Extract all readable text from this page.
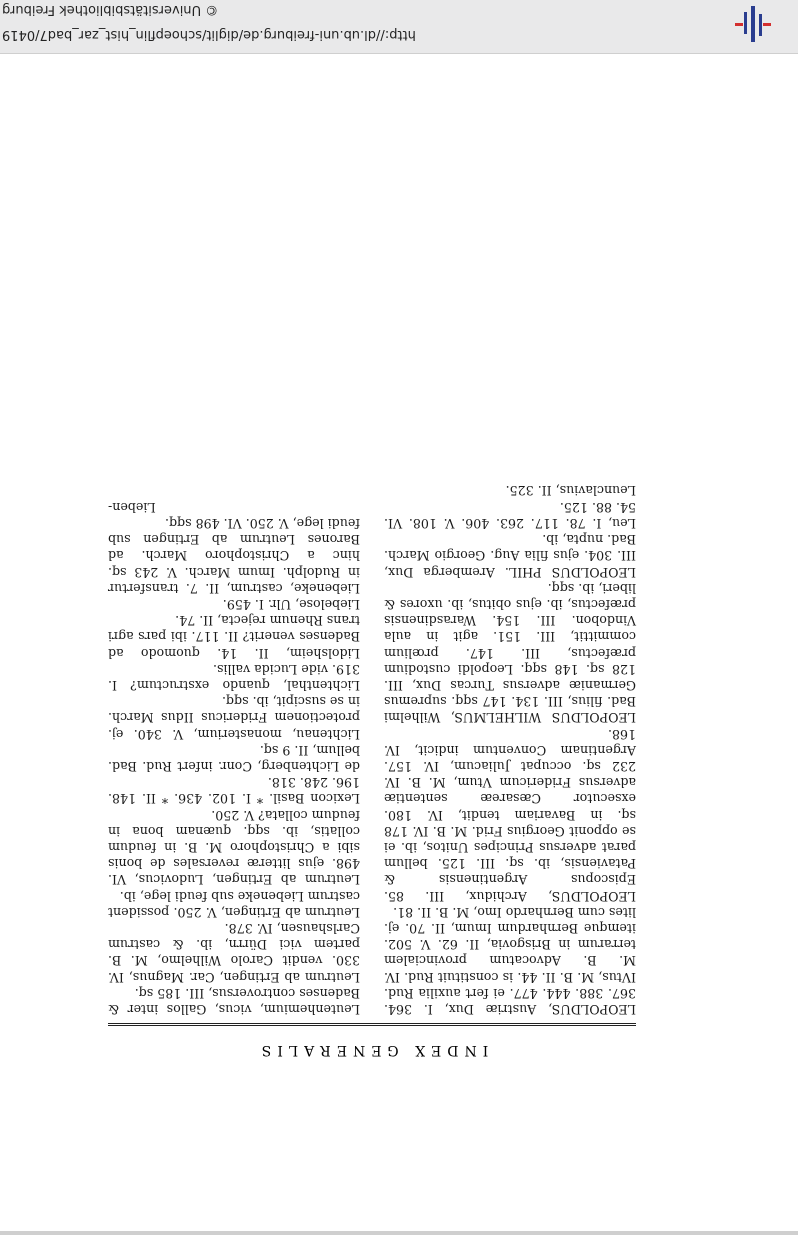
© Universitätsbibliothek Freiburg
http://dl.ub.uni-freiburg.de/diglit/schoepflin_hist_zar_bad7/0419
INDEX GENERALIS

LEOPOLDUS, Austriæ Dux, I. 364. 367. 388. 444. 477. ei fert auxilia Rud. IVtus, M. B. II. 44. is constituit Rud. IV. M. B. Advocatum provincialem terrarum in Brisgovia, II. 62. V. 502. itemque Bernhardum Imum, II. 70. ej. lites cum Bernhardo Imo, M. B. II. 81.

LEOPOLDUS, Archidux, III. 85. Episcopus Argentinensis & Pataviensis, ib. sq. III. 125. bellum parat adversus Principes Unitos, ib. ei se opponit Georgius Frid. M. B. IV. 178 sq. in Bavariam tendit, IV. 180. exsecutor Cæsareæ sententiæ adversus Fridericum Vtum, M. B. IV. 232 sq. occupat Juliacum, IV. 157. Argentinam Conventum indicit, IV. 168.

LEOPOLDUS WILHELMUS, Wilhelmi Bad. filius, III. 134. 147 sqq. supremus Germaniæ adversus Turcas Dux, III. 128 sq. 148 sqq. Leopoldi custodium præfectus, III. 147. prœlium committit, III. 151. agit in aula Vindobon. III. 154. Warasdinensis præfectus, ib. ejus obitus, ib. uxores & liberi, ib. sqq.

LEOPOLDUS PHIL. Aremberga Dux, III. 304. ejus filia Aug. Georgio March. Bad. nupta, ib.

Leu, I. 78. 117. 263. 406. V. 108. VI. 54. 88. 125.

Leunclavius, II. 325.

Leutenhemium, vicus, Gallos inter & Badenses controversus, III. 185 sq.

Leutrum ab Ertingen, Car. Magnus, IV. 330. vendit Carolo Wilhelmo, M. B. partem vici Dürrn, ib. & castrum Carlshausen, IV. 378.

Leutrum ab Ertingen, V. 250. possident castrum Liebeneke sub feudi lege, ib.

Leutrum ab Ertingen, Ludovicus, VI. 498. ejus litteræ reversales de bonis sibi a Christophoro M. B. in feudum collatis, ib. sqq. quænam bona in feudum collata? V. 250.

Lexicon Basil. * I. 102. 436. * II. 148. 196. 248. 318.

de Lichtenberg, Conr. infert Rud. Bad. bellum, II. 9 sq.

Lichtenau, monasterium, V. 340. ej. protectionem Fridericus IIdus March. in se suscipit, ib. sqq.

Lichtenthal, quando exstructum? I. 319. vide Lucida vallis.

Lidolsheim, II. 14. quomodo ad Badenses venerit? II. 117. ibi pars agri trans Rhenum rejecta, II. 74.

Liebelose, Ulr. I. 459.

Liebeneke, castrum, II. 7. transfertur in Rudolph. Imum March. V. 243 sq. hinc a Christophoro March. ad Barones Leutrum ab Ertingen sub feudi lege, V. 250. VI. 498 sqq.

Lieben-
